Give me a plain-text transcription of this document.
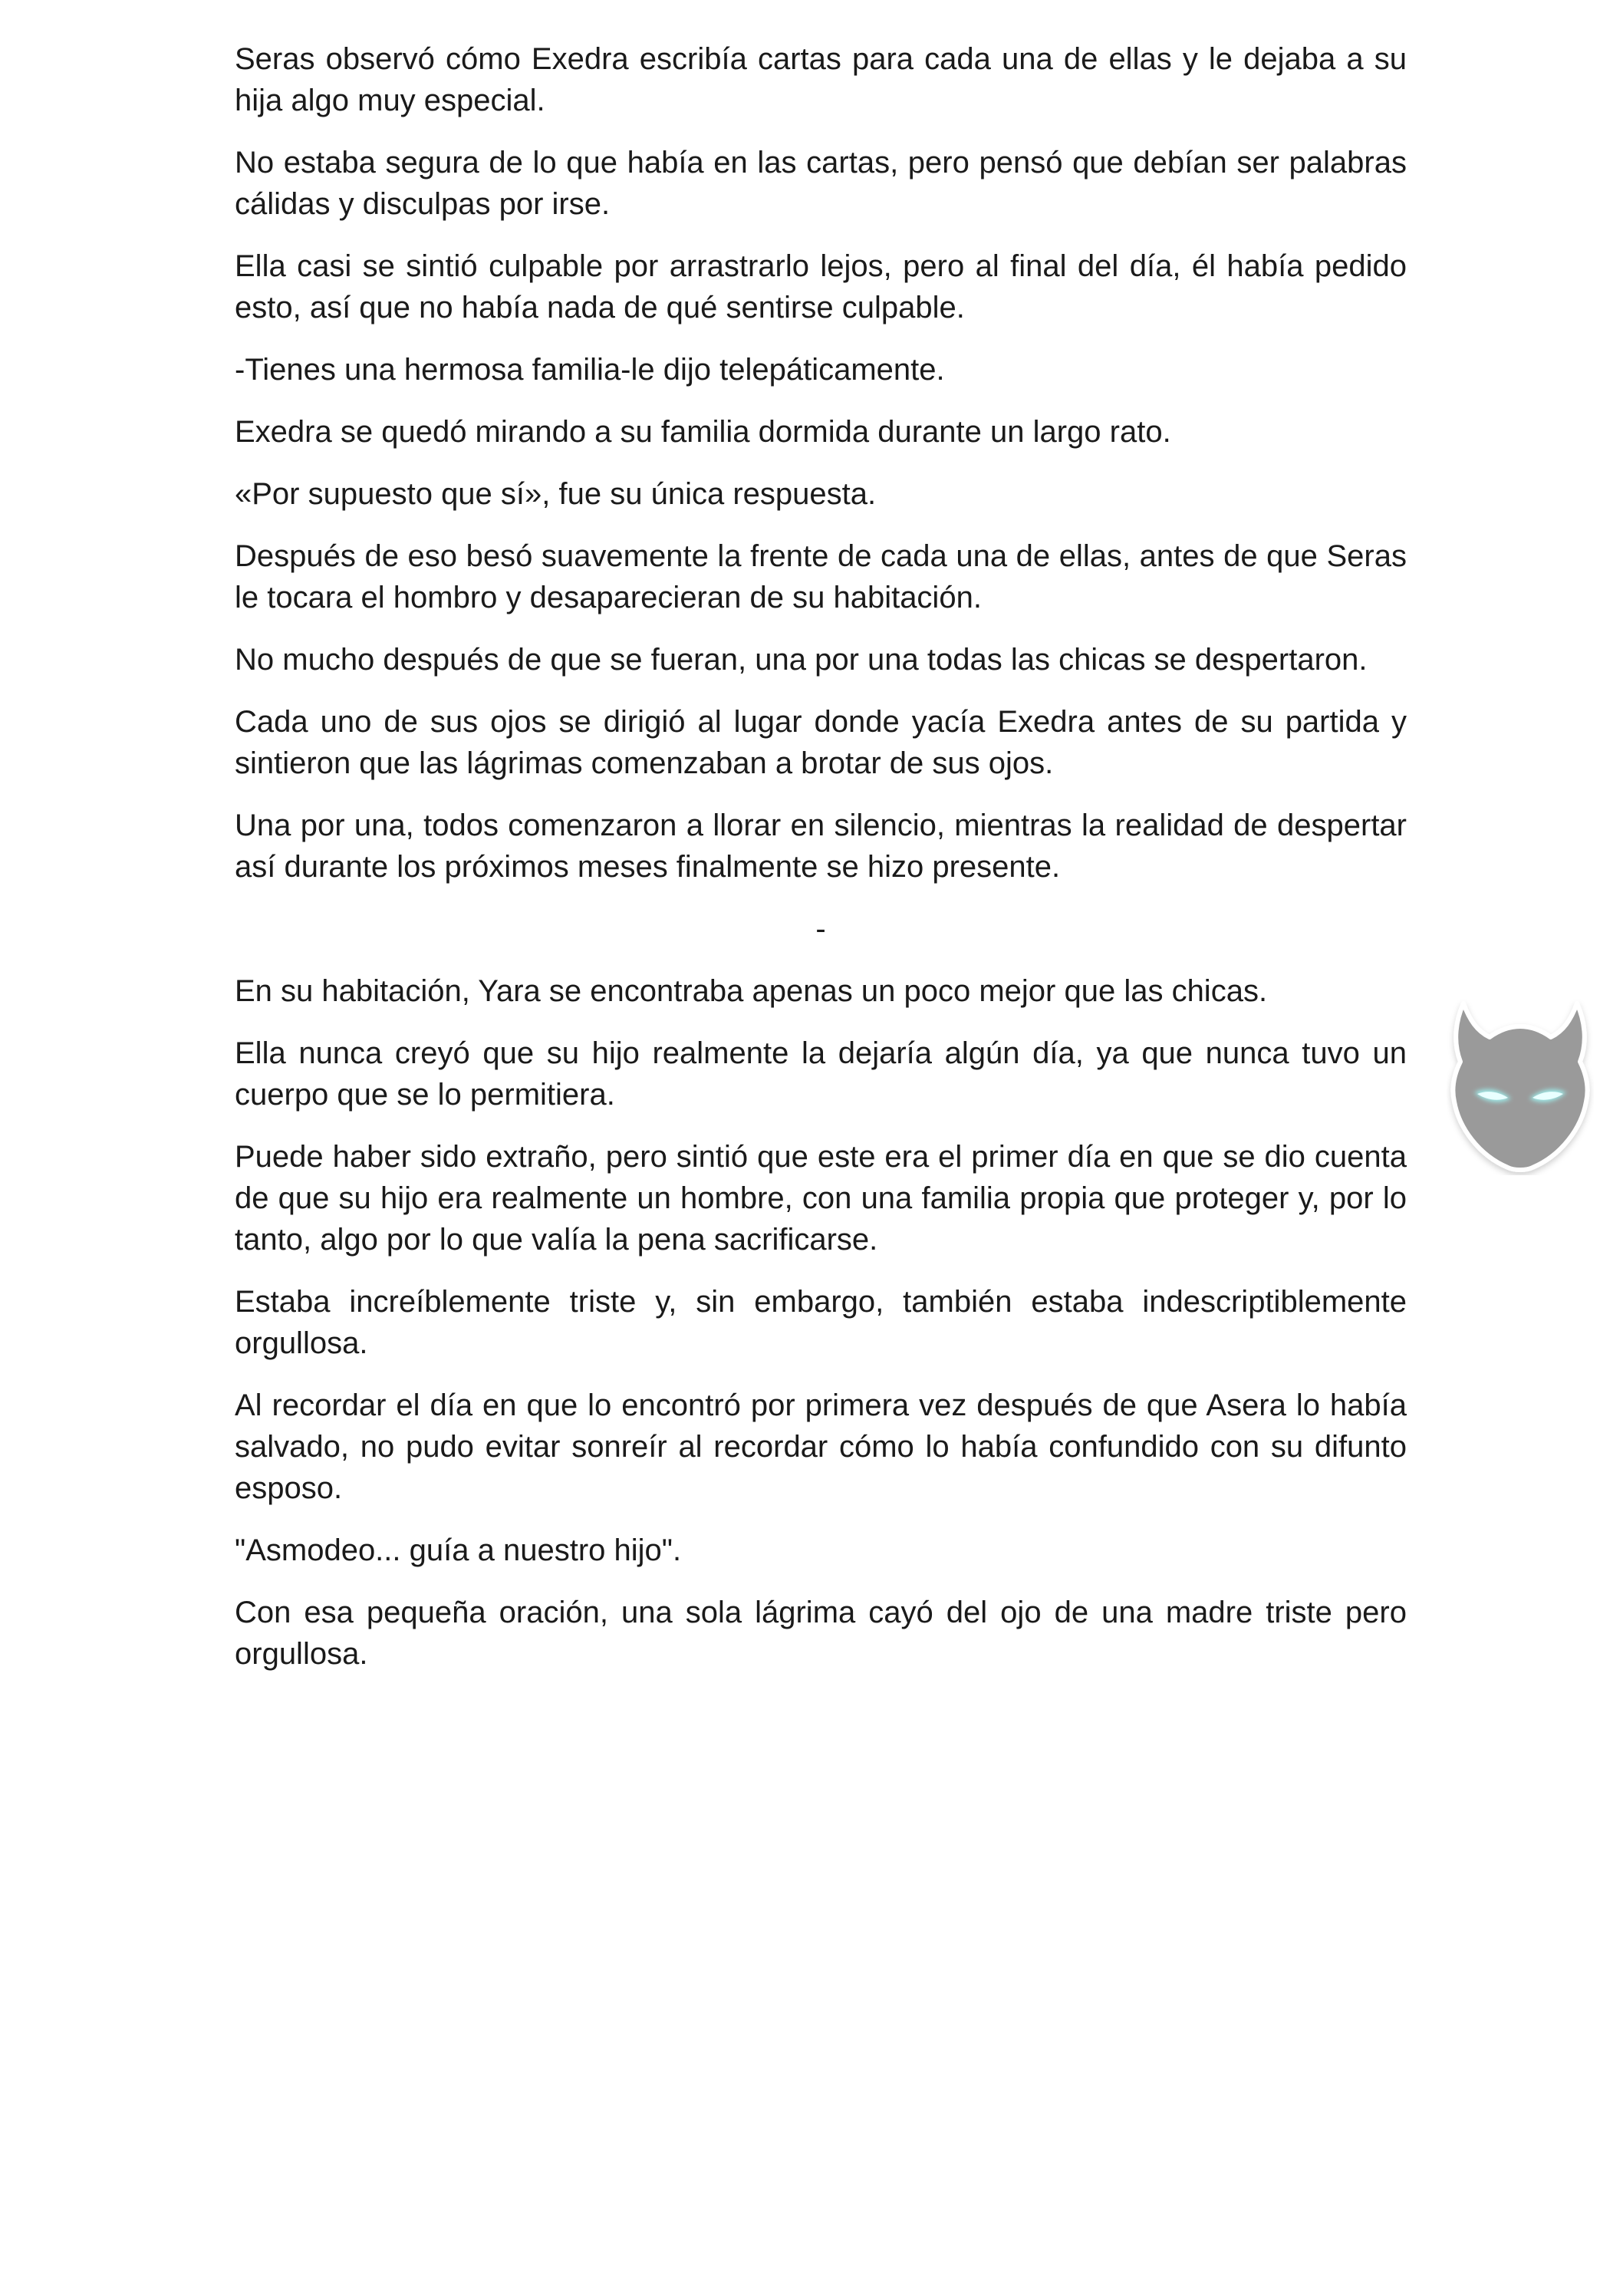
Seras observó cómo Exedra escribía cartas para cada una de ellas y le dejaba a su hija algo muy especial.

No estaba segura de lo que había en las cartas, pero pensó que debían ser palabras cálidas y disculpas por irse.

Ella casi se sintió culpable por arrastrarlo lejos, pero al final del día, él había pedido esto, así que no había nada de qué sentirse culpable.

-Tienes una hermosa familia-le dijo telepáticamente.

Exedra se quedó mirando a su familia dormida durante un largo rato.

«Por supuesto que sí», fue su única respuesta.

Después de eso besó suavemente la frente de cada una de ellas, antes de que Seras le tocara el hombro y desaparecieran de su habitación.

No mucho después de que se fueran, una por una todas las chicas se despertaron.

Cada uno de sus ojos se dirigió al lugar donde yacía Exedra antes de su partida y sintieron que las lágrimas comenzaban a brotar de sus ojos.

Una por una, todos comenzaron a llorar en silencio, mientras la realidad de despertar así durante los próximos meses finalmente se hizo presente.

-

En su habitación, Yara se encontraba apenas un poco mejor que las chicas.

Ella nunca creyó que su hijo realmente la dejaría algún día, ya que nunca tuvo un cuerpo que se lo permitiera.

Puede haber sido extraño, pero sintió que este era el primer día en que se dio cuenta de que su hijo era realmente un hombre, con una familia propia que proteger y, por lo tanto, algo por lo que valía la pena sacrificarse.

Estaba increíblemente triste y, sin embargo, también estaba indescriptiblemente orgullosa.

Al recordar el día en que lo encontró por primera vez después de que Asera lo había salvado, no pudo evitar sonreír al recordar cómo lo había confundido con su difunto esposo.

"Asmodeo... guía a nuestro hijo".

Con esa pequeña oración, una sola lágrima cayó del ojo de una madre triste pero orgullosa.
